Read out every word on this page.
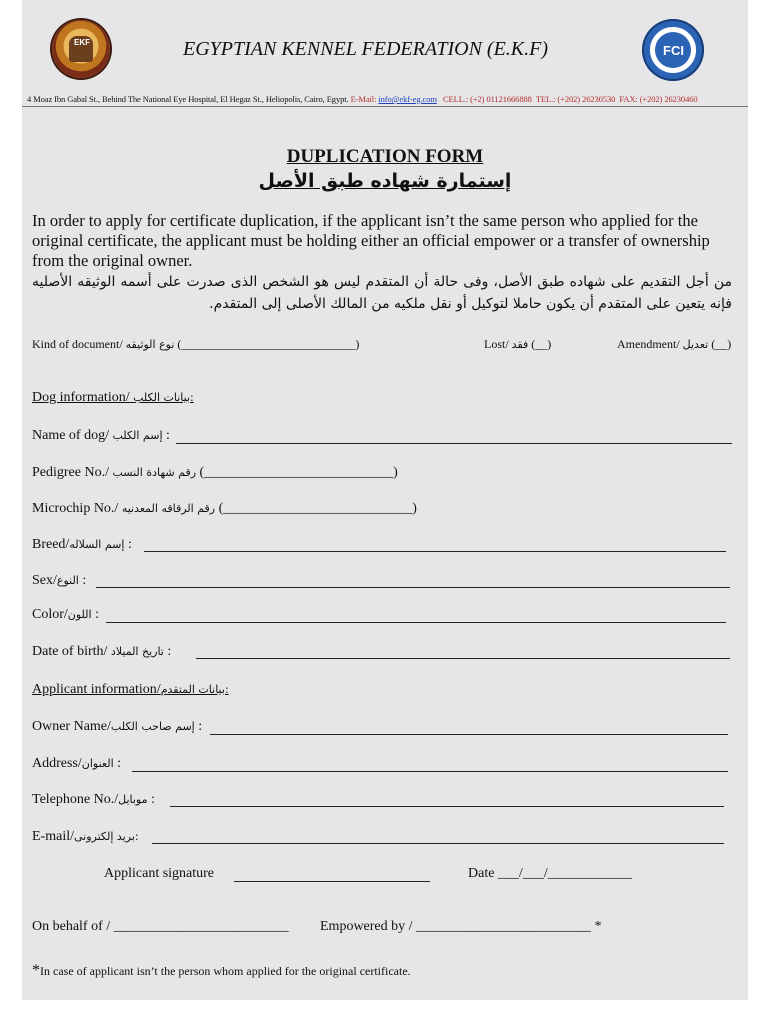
EKF
FCI
EGYPTIAN KENNEL FEDERATION (E.K.F)
4 Moaz Ibn Gabal St., Behind The National Eye Hospital, El Hegaz St., Heliopolis, Cairo, Egypt. E-Mail: info@ekf-eg.com CELL.: (+2) 01121666888 TEL.: (+202) 26230530 FAX: (+202) 26230460
DUPLICATION FORM
إستمارة شهاده طبق الأصل
In order to apply for certificate duplication, if the applicant isn’t the same person who applied for the original certificate, the applicant must be holding either an official empower or a transfer of ownership from the original owner.
من أجل التقديم على شهاده طبق الأصل، وفى حالة أن المتقدم ليس هو الشخص الذى صدرت على أسمه الوثيقه الأصليه فإنه يتعين على المتقدم أن يكون حاملا لتوكيل أو نقل ملكيه من المالك الأصلى إلى المتقدم.
Kind of document/ نوع الوثيقه (_____________________________)	Lost/ فقد (__)	Amendment/ تعديل (__)
Dog information/ بيانات الكلب:
Name of dog/ إسم الكلب :
Pedigree No./ رقم شهادة النسب (___________________________)
Microchip No./ رقم الرقاقه المعدنيه (___________________________)
Breed/إسم السلاله :
Sex/النوع :
Color/اللون :
Date of birth/ تاريخ الميلاد :
Applicant information/بيانات المتقدم:
Owner Name/إسم صاحب الكلب :
Address/العنوان :
Telephone No./موبايل :
E-mail/بريد إلكترونى:
Applicant signature	Date ___/___/____________
On behalf of / _________________________ Empowered by / _________________________ *
*In case of applicant isn’t the person whom applied for the original certificate.
